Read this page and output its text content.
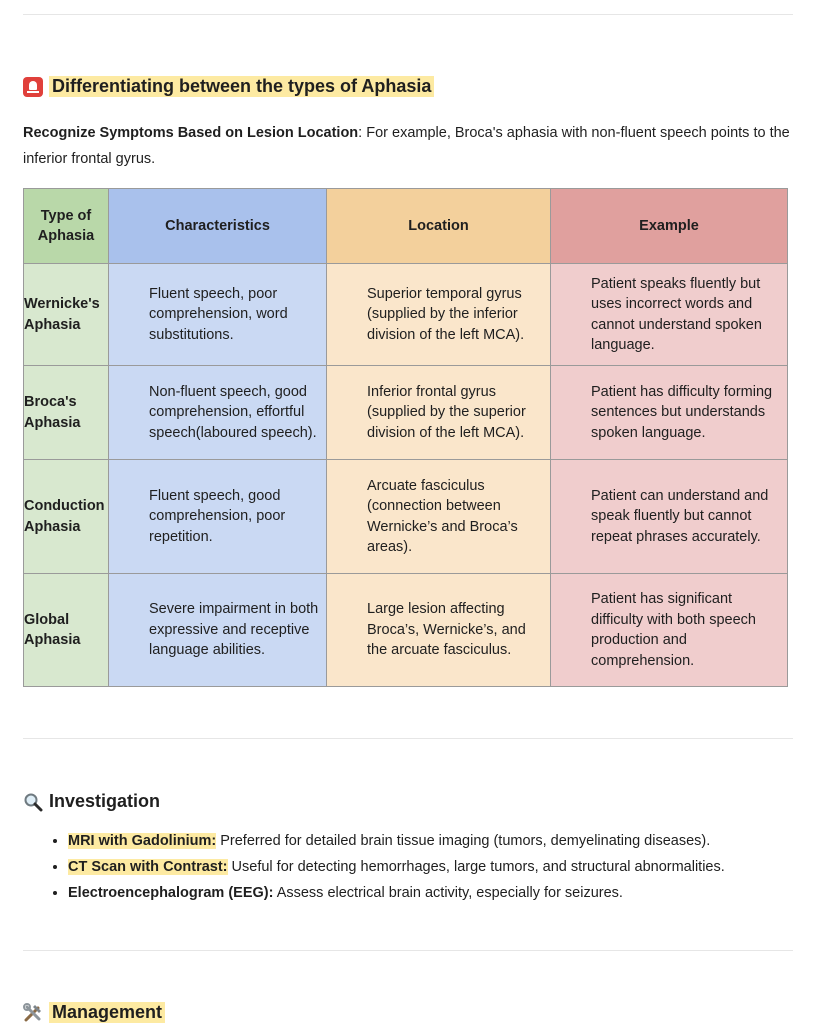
Differentiating between the types of Aphasia
Recognize Symptoms Based on Lesion Location: For example, Broca's aphasia with non-fluent speech points to the inferior frontal gyrus.
Type of Aphasia	Characteristics	Location	Example
Wernicke's Aphasia	Fluent speech, poor comprehension, word substitutions.	Superior temporal gyrus (supplied by the inferior division of the left MCA).	Patient speaks fluently but uses incorrect words and cannot understand spoken language.
Broca's Aphasia	Non-fluent speech, good comprehension, effortful speech(laboured speech).	Inferior frontal gyrus (supplied by the superior division of the left MCA).	Patient has difficulty forming sentences but understands spoken language.
Conduction Aphasia	Fluent speech, good comprehension, poor repetition.	Arcuate fasciculus (connection between Wernicke’s and Broca’s areas).	Patient can understand and speak fluently but cannot repeat phrases accurately.
Global Aphasia	Severe impairment in both expressive and receptive language abilities.	Large lesion affecting Broca’s, Wernicke’s, and the arcuate fasciculus.	Patient has significant difficulty with both speech production and comprehension.
Investigation
• MRI with Gadolinium: Preferred for detailed brain tissue imaging (tumors, demyelinating diseases).
• CT Scan with Contrast: Useful for detecting hemorrhages, large tumors, and structural abnormalities.
• Electroencephalogram (EEG): Assess electrical brain activity, especially for seizures.
Management
